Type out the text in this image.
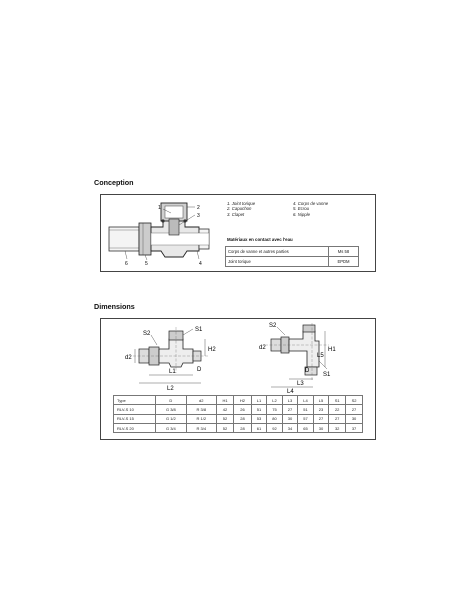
Conception
1	2
3
4
5
6
1. Joint torique
2. Capuchon
3. Clapet
4. Corps de vanne
5. Ecrou
6. Nipple
Matériaux en contact avec l'eau
Corps de vanne et autres parties	Ms 58
Joint torique	EPDM
Dimensions
S2
S1
H2
d2
D
L1
L2
S2
d2	H1
L5
D
S1
L3
L4
Type	D	d2	H1	H2	L1	L2	L3	L4	L5	S1	S2
RLV-S 10	G 3/8	R 3/8	42	26	51	75	27	51	23	22	27
RLV-S 15	G 1/2	R 1/2	52	28	53	80	30	57	27	27	30
RLV-S 20	G 3/4	R 3/4	52	28	61	92	34	65	30	32	37
